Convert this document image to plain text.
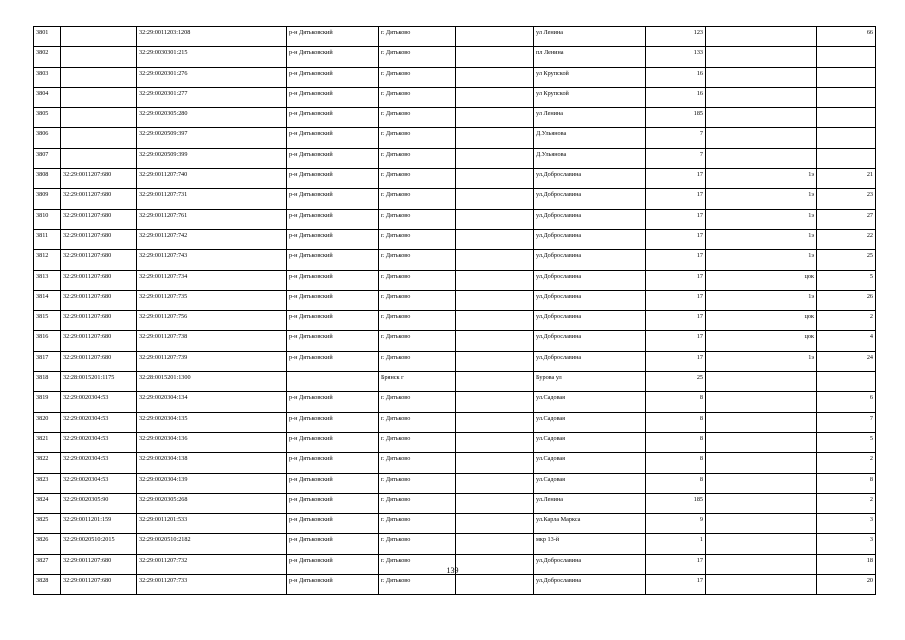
3801		32:29:0011203:1208	р-н Дятьковский	г. Дятьково		ул Ленина	123		66
3802		32:29:0030301:215	р-н Дятьковский	г. Дятьково		пл Ленина	133		
3803		32:29:0020301:276	р-н Дятьковский	г. Дятьково		ул Крупской	16		
3804		32:29:0020301:277	р-н Дятьковский	г. Дятьково		ул Крупской	16		
3805		32:29:0020305:280	р-н Дятьковский	г. Дятьково		ул Ленина	185		
3806		32:29:0020509:397	р-н Дятьковский	г. Дятьково		Д.Ульянова	7		
3807		32:29:0020509:399	р-н Дятьковский	г. Дятьково		Д.Ульянова	7		
3808	32:29:0011207:680	32:29:0011207:740	р-н Дятьковский	г. Дятьково		ул.Доброславина	17	1э	21
3809	32:29:0011207:680	32:29:0011207:731	р-н Дятьковский	г. Дятьково		ул.Доброславина	17	1э	23
3810	32:29:0011207:680	32:29:0011207:761	р-н Дятьковский	г. Дятьково		ул.Доброславина	17	1э	27
3811	32:29:0011207:680	32:29:0011207:742	р-н Дятьковский	г. Дятьково		ул.Доброславина	17	1э	22
3812	32:29:0011207:680	32:29:0011207:743	р-н Дятьковский	г. Дятьково		ул.Доброславина	17	1э	25
3813	32:29:0011207:680	32:29:0011207:734	р-н Дятьковский	г. Дятьково		ул.Доброславина	17	цок	5
3814	32:29:0011207:680	32:29:0011207:735	р-н Дятьковский	г. Дятьково		ул.Доброславина	17	1э	26
3815	32:29:0011207:680	32:29:0011207:756	р-н Дятьковский	г. Дятьково		ул.Доброславина	17	цок	2
3816	32:29:0011207:680	32:29:0011207:738	р-н Дятьковский	г. Дятьково		ул.Доброславина	17	цок	4
3817	32:29:0011207:680	32:29:0011207:739	р-н Дятьковский	г. Дятьково		ул.Доброславина	17	1э	24
3818	32:28:0015201:1175	32:28:0015201:1300		Брянск г		Бурова ул	25		
3819	32:29:0020304:53	32:29:0020304:134	р-н Дятьковский	г. Дятьково		ул.Садовая	8		6
3820	32:29:0020304:53	32:29:0020304:135	р-н Дятьковский	г. Дятьково		ул.Садовая	8		7
3821	32:29:0020304:53	32:29:0020304:136	р-н Дятьковский	г. Дятьково		ул.Садовая	8		5
3822	32:29:0020304:53	32:29:0020304:138	р-н Дятьковский	г. Дятьково		ул.Садовая	8		2
3823	32:29:0020304:53	32:29:0020304:139	р-н Дятьковский	г. Дятьково		ул.Садовая	8		8
3824	32:29:0020305:90	32:29:0020305:268	р-н Дятьковский	г. Дятьково		ул.Ленина	185		2
3825	32:29:0011201:159	32:29:0011201:533	р-н Дятьковский	г. Дятьково		ул.Карла Маркса	9		3
3826	32:29:0020510:2015	32:29:0020510:2182	р-н Дятьковский	г. Дятьково		мкр 13-й	1		3
3827	32:29:0011207:680	32:29:0011207:732	р-н Дятьковский	г. Дятьково		ул.Доброславина	17		18
3828	32:29:0011207:680	32:29:0011207:733	р-н Дятьковский	г. Дятьково		ул.Доброславина	17		20
139
